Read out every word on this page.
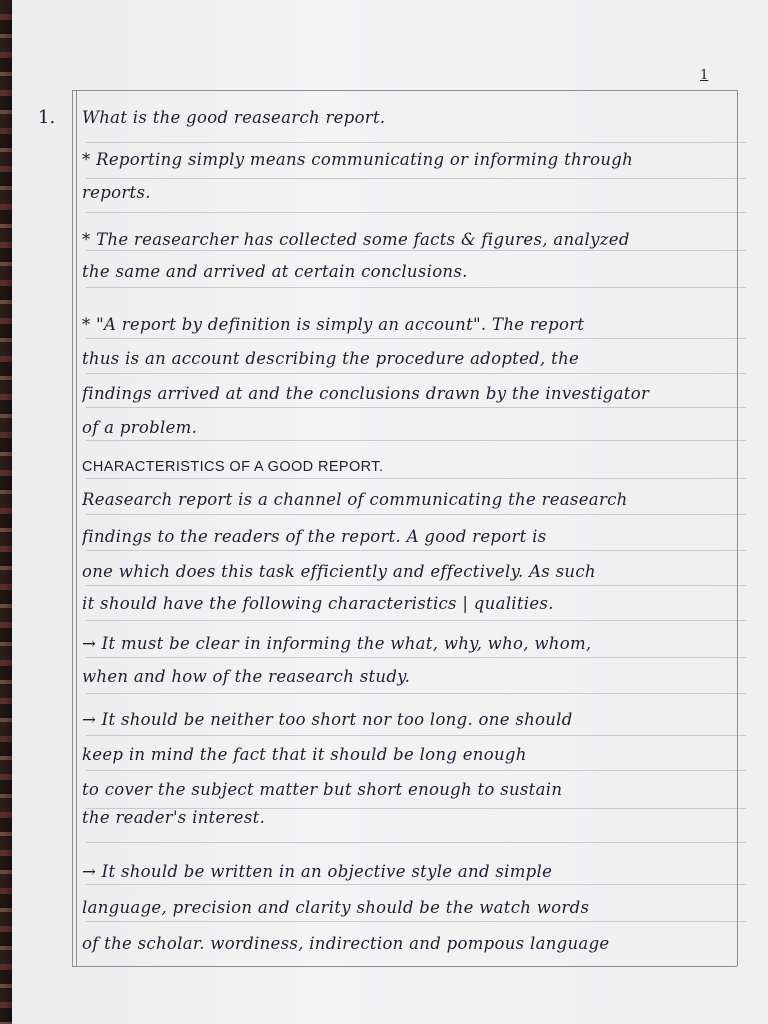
1
1. What is the good reasearch report.
* Reporting simply means communicating or informing through
reports.
* The reasearcher has collected some facts & figures, analyzed
the same and arrived at certain conclusions.
* "A report by definition is simply an account". The report
thus is an account describing the procedure adopted, the
findings arrived at and the conclusions drawn by the investigator
of a problem.
CHARACTERISTICS OF A GOOD REPORT.
Reasearch report is a channel of communicating the reasearch
findings to the readers of the report. A good report is
one which does this task efficiently and effectively. As such
it should have the following characteristics | qualities.
→ It must be clear in informing the what, why, who, whom,
when and how of the reasearch study.
→ It should be neither too short nor too long. one should
keep in mind the fact that it should be long enough
to cover the subject matter but short enough to sustain
the reader's interest.
→ It should be written in an objective style and simple
language, precision and clarity should be the watch words
of the scholar. wordiness, indirection and pompous language
